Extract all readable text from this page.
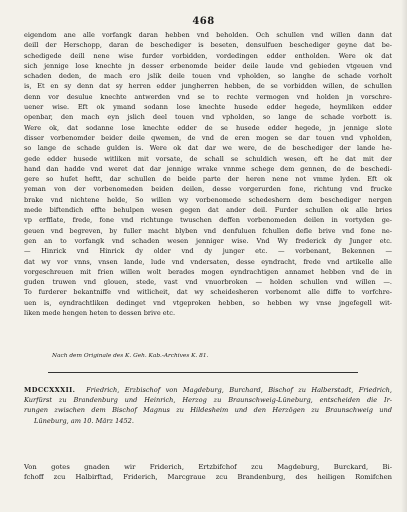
468
eigendom ane alle vorfangk daran hebben vnd beholden. Och schullen vnd willen dann dat
deill der Herschopp, daran de beschediger is beseten, densulfuen beschediger geyne dat be-
schedigede deill nene wise furder vorbidden, vordedingen edder entholden. Were ok dat
sich jennige lose knechte jn desser erbenomde beider deile laude vnd gebieden vtgeuen vnd
schaden deden, de mach ero jslik deile touen vnd vpholden, so langhe de schade vorholt
is, Et en sy denn dat sy herren edder jungherren hebben, de se vorbidden willen, de schullen
denn vor desulue knechte antwerden vnd se to rechte vermogen vnd holden jn vorschre-
uener wise. Eft ok ymand sodann lose knechte husede edder hegede, heymliken edder
openbar, den mach eyn jslich deel touen vnd vpholden, so lange de schade vorbott is.
Were ok, dat sodanne lose knechte edder de se husede edder hegede, jn jennige slote
disser vorbenomder beider deile qwemen, de vnd de eren mogen se dar touen vnd vpholden,
so lange de schade gulden is. Were ok dat dar we were, de de beschediger der lande he-
gede edder husede witliken mit vorsate, de schall se schuldich wesen, eft he dat mit der
hand dan hadde vnd weret dat dar jennige wrake vnnme schege dem gennen, de de beschedi-
gere so hufet heftt, dar schullen de beide parte der heren nene not vmme lyden. Eft ok
yeman von der vorbenomeden beiden deilen, desse vorgerurden fone, richtung vnd frucke
brake vnd nichtene helde, So willen wy vorbenomede schedeshern dem beschediger nergen
mede biftendich effte behulpen wesen gegen dat ander deil. Furder schullen ok alle bries
vp erfflate, frede, fone vnd richtunge twuschen deffen vorbenomeden deilen in vortyden ge-
geuen vnd begreven, by fuller macht blyben vnd denfuluen fchullen defle brive vnd fone ne-
gen an to vorfangk vnd schaden wesen jenniger wise. Vnd Wy frederick dy Junger etc.
— Hinrick vnd Hinrick dy older vnd dy junger etc. — vorbenant, Bekennen —
dat wy vor vnns, vnsen lande, lude vnd vndersaten, desse eyndracht, frede vnd artikelle alle
vorgeschreuen mit frien willen wolt berades mogen eyndrachtigen annamet hebben vnd de in
guden truwen vnd glouen, stede, vast vnd vnuorbroken — holden schullen vnd willen —.
To furderer bekantniffe vnd witlicheit, dat wy scheidesheren vorbenomt alle diffe to vorfchre-
uen is, eyndrachtliken dedinget vnd vtgeproken hebben, so hebben wy vnse jngefegell wit-
liken mede hengen heten to dessen brive etc.
Nach dem Originale des K. Geh. Kab.-Archives K. 81.
MDCCXXXII. Friedrich, Erzbischof von Magdeburg, Burchard, Bischof zu Halberstadt, Friedrich,
Kurfürst zu Brandenburg und Heinrich, Herzog zu Braunschweig-Lüneburg, entscheiden die Ir-
rungen zwischen dem Bischof Magnus zu Hildesheim und den Herzögen zu Braunschweig und
Lüneburg, am 10. März 1452.
Von gotes gnaden wir Friderich, Ertzbifchof zcu Magdeburg, Burckard, Bi-
fchoff zcu Halbirftad, Friderich, Marcgraue zcu Brandenburg, des heiligen Romifchen
